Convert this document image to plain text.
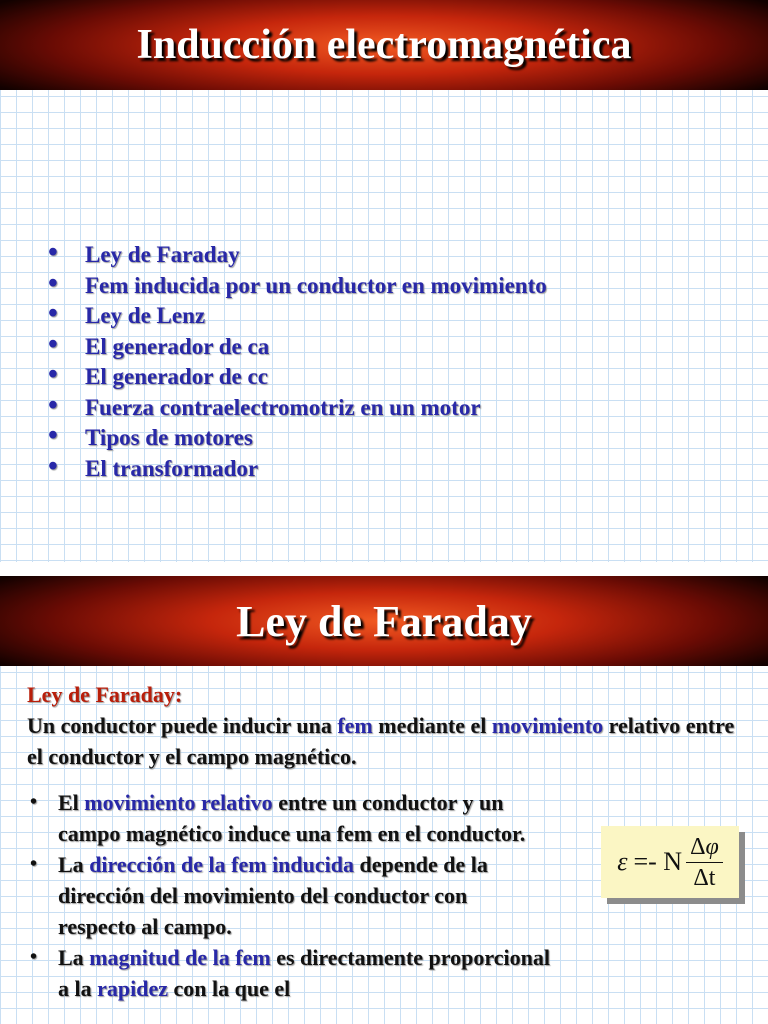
Inducción electromagnética
• Ley de Faraday
• Fem inducida por un conductor en movimiento
• Ley de Lenz
• El generador de ca
• El generador de cc
• Fuerza contraelectromotriz en un motor
• Tipos de motores
• El transformador
Ley de Faraday
Ley de Faraday:
Un conductor puede inducir una fem mediante el movimiento relativo entre el conductor y el campo magnético.
• El movimiento relativo entre un conductor y un campo magnético induce una fem en el conductor.
• La dirección de la fem inducida depende de la dirección del movimiento del conductor con respecto al campo.
• La magnitud de la fem es directamente proporcional a la rapidez con la que el
ε =- N $\frac{\Delta\varphi}{\Delta t}$
